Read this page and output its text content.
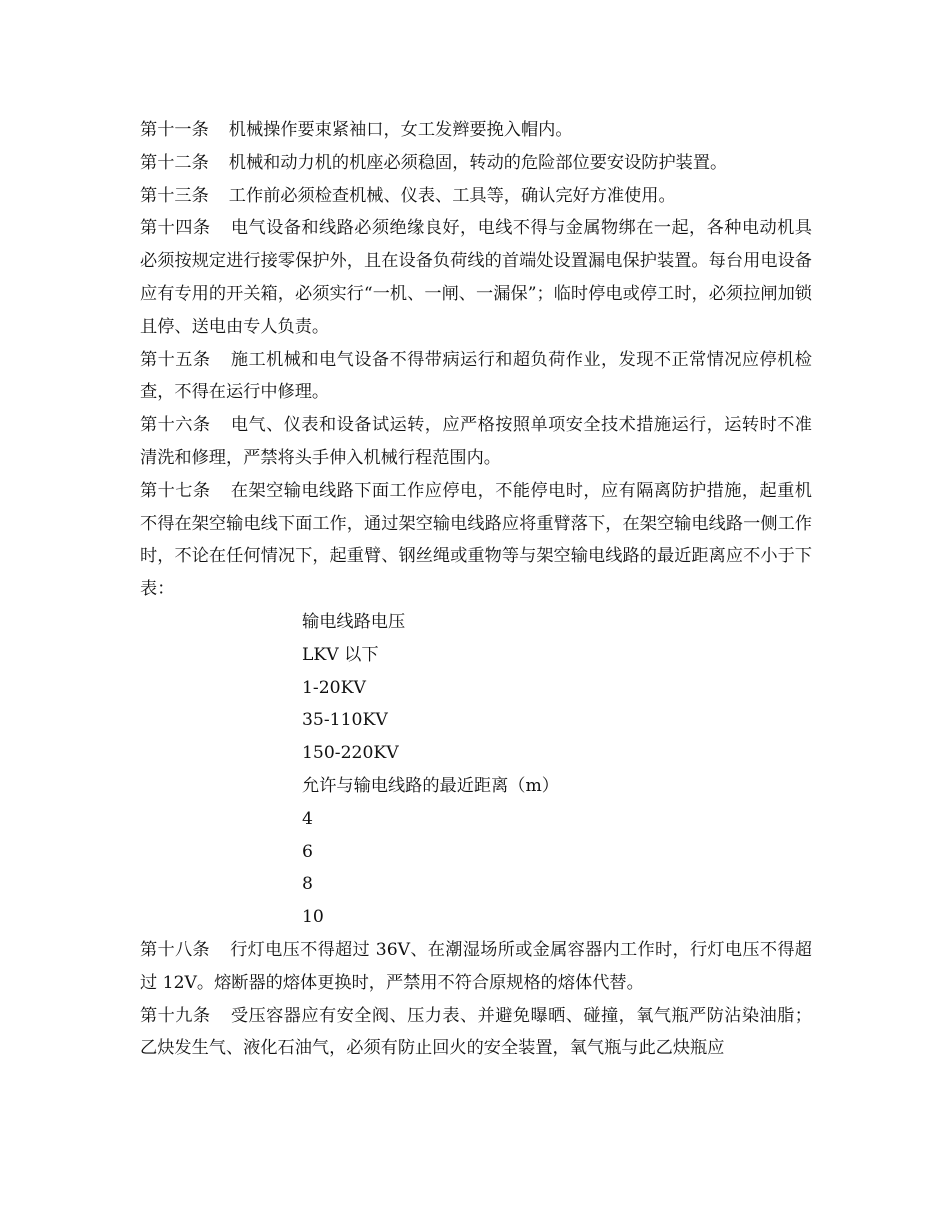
第十一条 机械操作要束紧袖口，女工发辫要挽入帽内。

第十二条 机械和动力机的机座必须稳固，转动的危险部位要安设防护装置。

第十三条 工作前必须检查机械、仪表、工具等，确认完好方准使用。

第十四条 电气设备和线路必须绝缘良好，电线不得与金属物绑在一起，各种电动机具必须按规定进行接零保护外，且在设备负荷线的首端处设置漏电保护装置。每台用电设备应有专用的开关箱，必须实行“一机、一闸、一漏保”；临时停电或停工时，必须拉闸加锁且停、送电由专人负责。

第十五条 施工机械和电气设备不得带病运行和超负荷作业，发现不正常情况应停机检查，不得在运行中修理。

第十六条 电气、仪表和设备试运转，应严格按照单项安全技术措施运行，运转时不准清洗和修理，严禁将头手伸入机械行程范围内。

第十七条 在架空输电线路下面工作应停电，不能停电时，应有隔离防护措施，起重机不得在架空输电线下面工作，通过架空输电线路应将重臂落下，在架空输电线路一侧工作时，不论在任何情况下，起重臂、钢丝绳或重物等与架空输电线路的最近距离应不小于下表：

输电线路电压
LKV 以下
1-20KV
35-110KV
150-220KV
允许与输电线路的最近距离（m）
4
6
8
10

第十八条 行灯电压不得超过 36V、在潮湿场所或金属容器内工作时，行灯电压不得超过 12V。熔断器的熔体更换时，严禁用不符合原规格的熔体代替。

第十九条 受压容器应有安全阀、压力表、并避免曝晒、碰撞，氧气瓶严防沾染油脂；乙炔发生气、液化石油气，必须有防止回火的安全装置，氧气瓶与此乙炔瓶应
